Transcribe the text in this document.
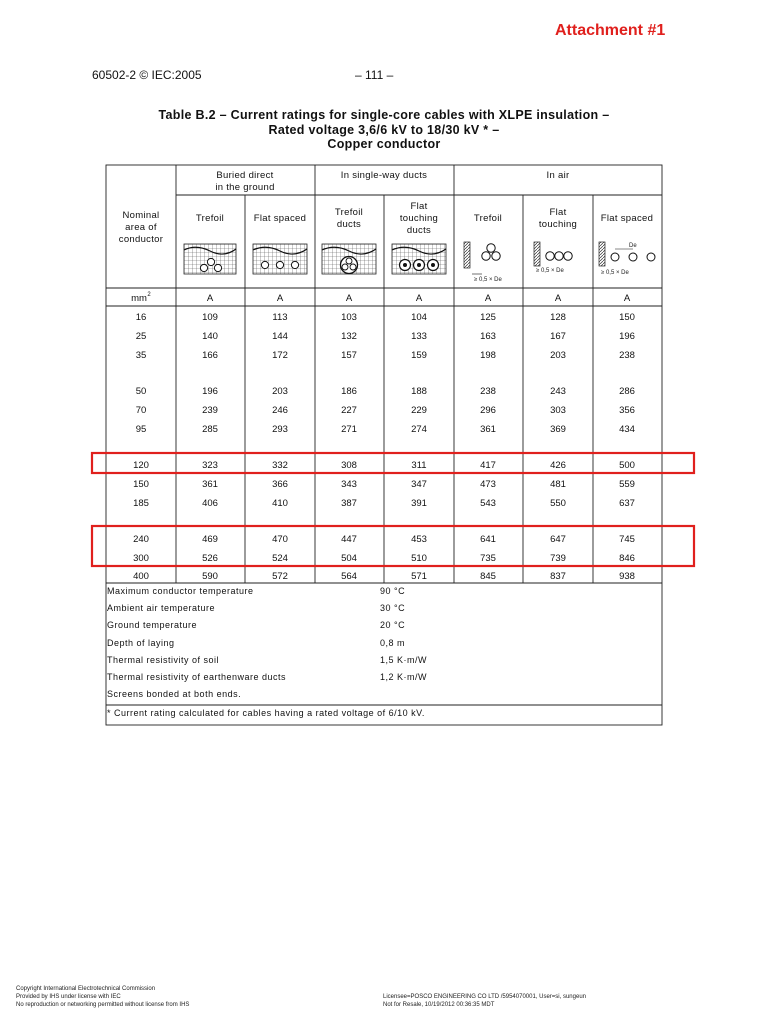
Attachment #1
60502-2 © IEC:2005	– 111 –
Table B.2 – Current ratings for single-core cables with XLPE insulation –
Rated voltage 3,6/6 kV to 18/30 kV * –
Copper conductor
Buried direct
in the ground
In single-way ducts	In air
Nominal
area of
conductor
Trefoil	Flat spaced
Trefoil
ducts
Flat
touching
ducts
Trefoil
Flat
touching
Flat spaced
≥ 0,5 × De
≥ 0,5 × De
De
≥ 0,5 × De
mm 2	A	A	A	A	A	A	A
16	109	113	103	104	125	128	150
25	140	144	132	133	163	167	196
35	166	172	157	159	198	203	238
50	196	203	186	188	238	243	286
70	239	246	227	229	296	303	356
95	285	293	271	274	361	369	434
120	323	332	308	311	417	426	500
150	361	366	343	347	473	481	559
185	406	410	387	391	543	550	637
240	469	470	447	453	641	647	745
300	526	524	504	510	735	739	846
400	590	572	564	571	845	837	938
Maximum conductor temperature	90 °C
Ambient air temperature	30 °C
Ground temperature	20 °C
Depth of laying	0,8 m
Thermal resistivity of soil	1,5 K·m/W
Thermal resistivity of earthenware ducts	1,2 K·m/W
Screens bonded at both ends.
* Current rating calculated for cables having a rated voltage of 6/10 kV.
Copyright International Electrotechnical Commission
Provided by IHS under license with IEC
No reproduction or networking permitted without license from IHS
Licensee=POSCO ENGINEERING CO LTD /5954070001, User=si, sungeun
Not for Resale, 10/19/2012 00:36:35 MDT
